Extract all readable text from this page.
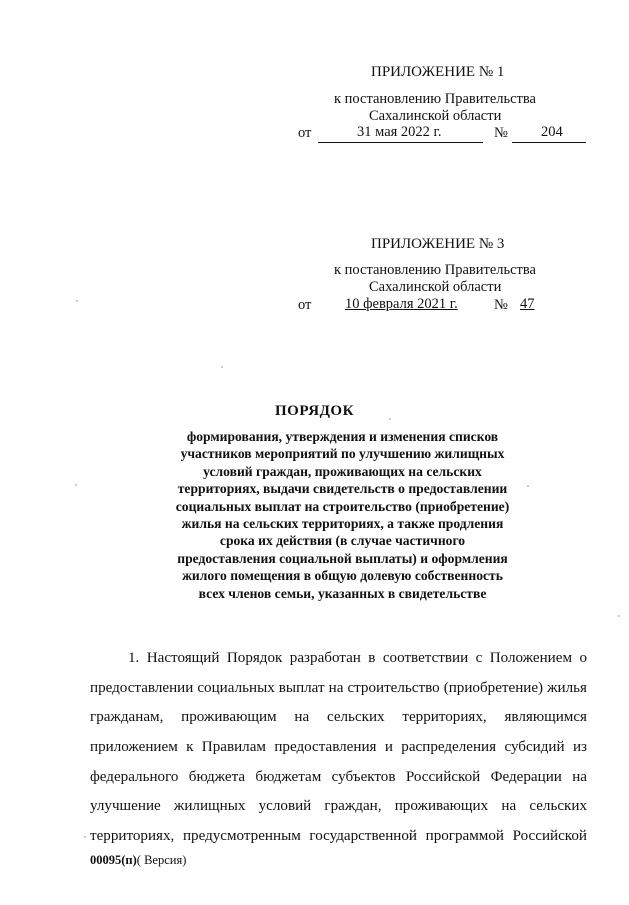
ПРИЛОЖЕНИЕ № 1
к постановлению Правительства
Сахалинской области
от	31 мая 2022 г.	№ 204
ПРИЛОЖЕНИЕ № 3
к постановлению Правительства
Сахалинской области
от 10 февраля 2021 г.	№ 47
ПОРЯДОК
формирования, утверждения и изменения списков
участников мероприятий по улучшению жилищных
условий граждан, проживающих на сельских
территориях, выдачи свидетельств о предоставлении
социальных выплат на строительство (приобретение)
жилья на сельских территориях, а также продления
срока их действия (в случае частичного
предоставления социальной выплаты) и оформления
жилого помещения в общую долевую собственность
всех членов семьи, указанных в свидетельстве
1. Настоящий Порядок разработан в соответствии с Положением о
предоставлении социальных выплат на строительство (приобретение) жилья
гражданам, проживающим на сельских территориях, являющимся
приложением к Правилам предоставления и распределения субсидий из
федерального бюджета бюджетам субъектов Российской Федерации на
улучшение жилищных условий граждан, проживающих на сельских
территориях, предусмотренным государственной программой Российской
00095(п)( Версия)
